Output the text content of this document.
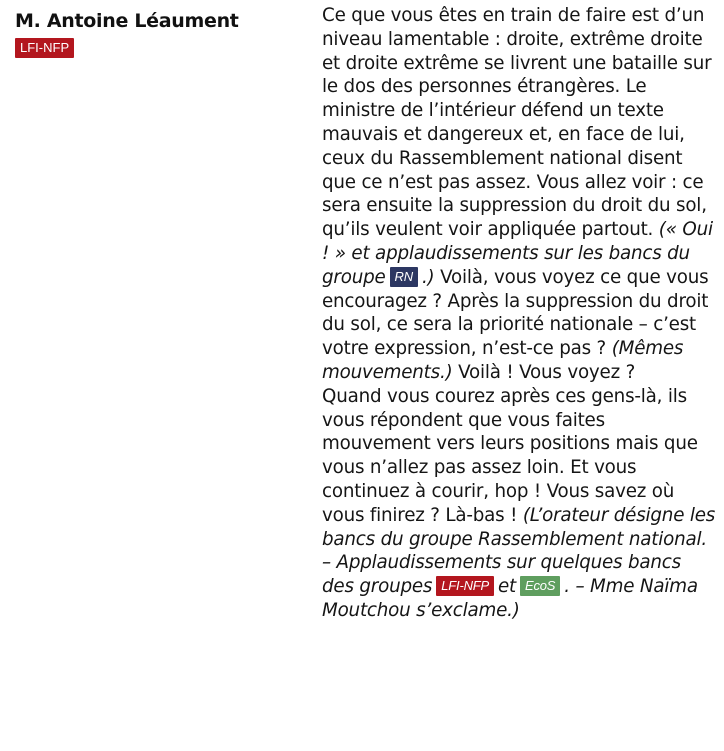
M. Antoine Léaument

LFI-NFP

Ce que vous êtes en train de faire est d’un niveau lamentable : droite, extrême droite et droite extrême se livrent une bataille sur le dos des personnes étrangères. Le ministre de l’intérieur défend un texte mauvais et dangereux et, en face de lui, ceux du Rassemblement national disent que ce n’est pas assez. Vous allez voir : ce sera ensuite la suppression du droit du sol, qu’ils veulent voir appliquée partout. (« Oui ! » et applaudissements sur les bancs du groupe RN .) Voilà, vous voyez ce que vous encouragez ? Après la suppression du droit du sol, ce sera la priorité nationale – c’est votre expression, n’est-ce pas ? (Mêmes mouvements.) Voilà ! Vous voyez ?

Quand vous courez après ces gens-là, ils vous répondent que vous faites mouvement vers leurs positions mais que vous n’allez pas assez loin. Et vous continuez à courir, hop ! Vous savez où vous finirez ? Là-bas ! (L’orateur désigne les bancs du groupe Rassemblement national. – Applaudissements sur quelques bancs des groupes LFI-NFP et EcoS . – Mme Naïma Moutchou s’exclame.)
